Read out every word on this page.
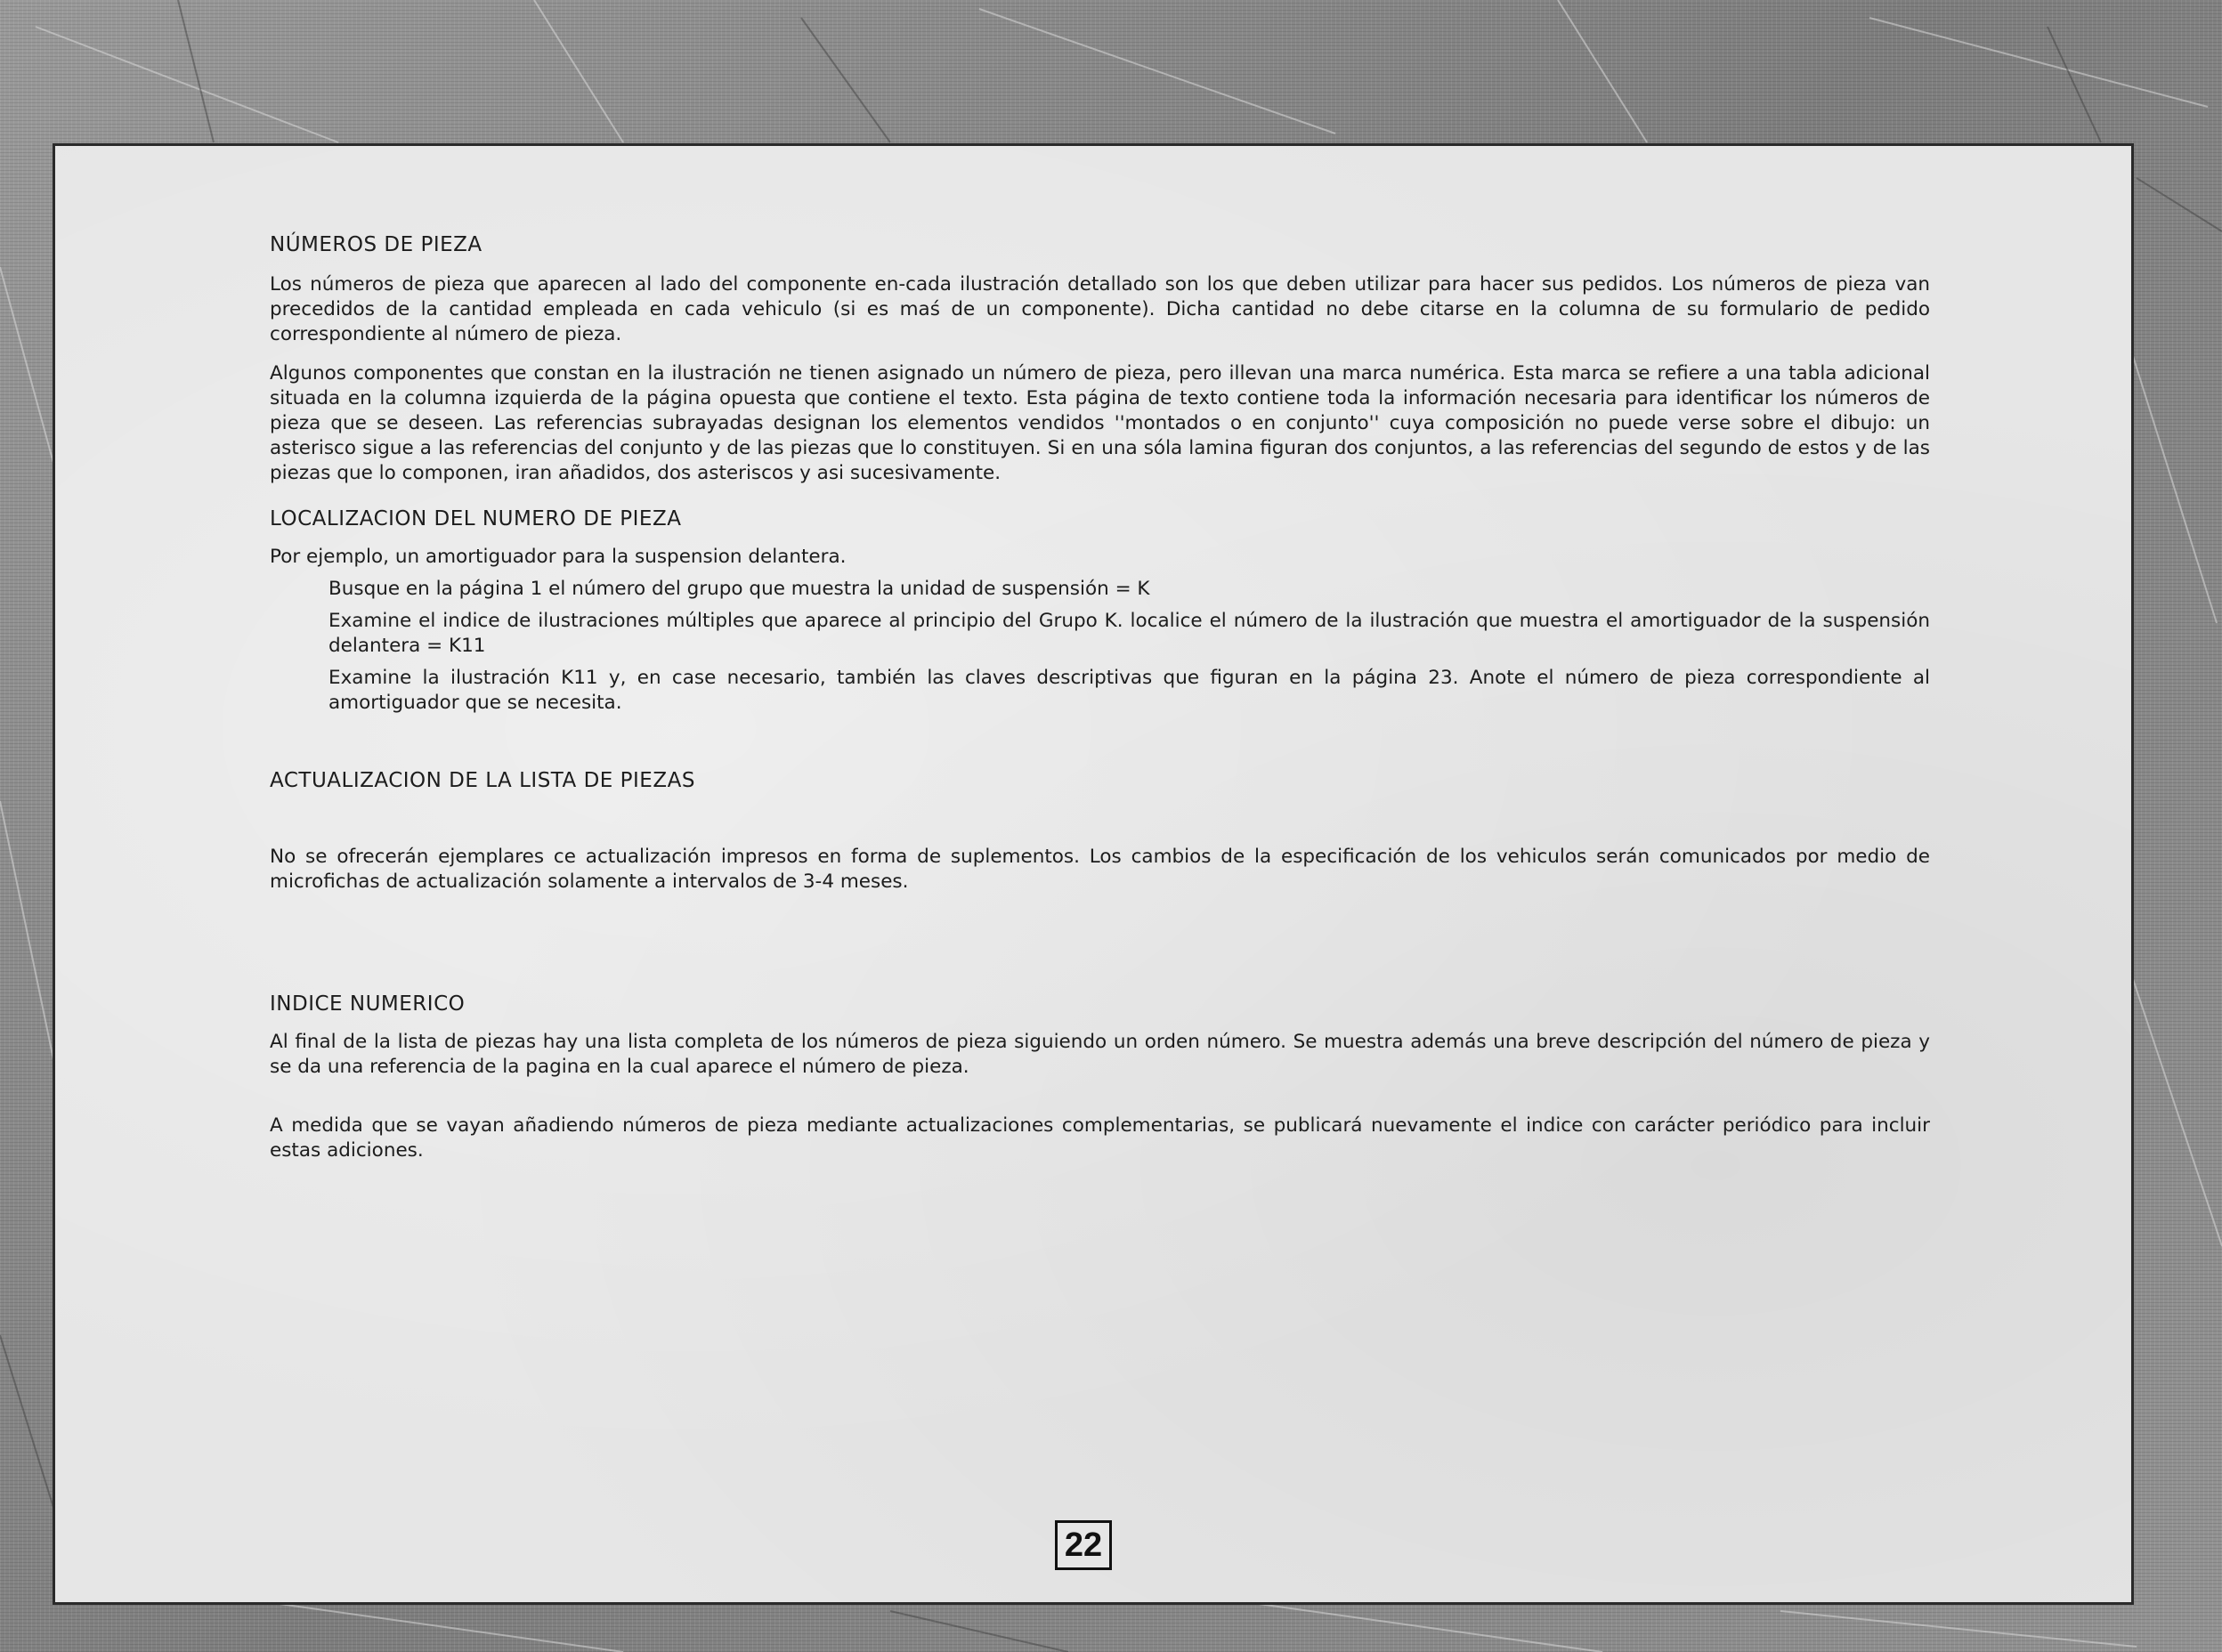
NÚMEROS DE PIEZA

Los números de pieza que aparecen al lado del componente en-cada ilustración detallado son los que deben utilizar para hacer sus pedidos. Los números de pieza van precedidos de la cantidad empleada en cada vehiculo (si es maś de un componente). Dicha cantidad no debe citarse en la columna de su formulario de pedido correspondiente al número de pieza.

Algunos componentes que constan en la ilustración ne tienen asignado un número de pieza, pero illevan una marca numérica. Esta marca se refiere a una tabla adicional situada en la columna izquierda de la página opuesta que contiene el texto. Esta página de texto contiene toda la información necesaria para identificar los números de pieza que se deseen. Las referencias subrayadas designan los elementos vendidos ''montados o en conjunto'' cuya composición no puede verse sobre el dibujo: un asterisco sigue a las referencias del conjunto y de las piezas que lo constituyen. Si en una sóla lamina figuran dos conjuntos, a las referencias del segundo de estos y de las piezas que lo componen, iran añadidos, dos asteriscos y asi sucesivamente.

LOCALIZACION DEL NUMERO DE PIEZA

Por ejemplo, un amortiguador para la suspension delantera.

Busque en la página 1 el número del grupo que muestra la unidad de suspensión = K

Examine el indice de ilustraciones múltiples que aparece al principio del Grupo K. localice el número de la ilustración que muestra el amortiguador de la suspensión delantera = K11

Examine la ilustración K11 y, en case necesario, también las claves descriptivas que figuran en la página 23. Anote el número de pieza correspondiente al amortiguador que se necesita.

ACTUALIZACION DE LA LISTA DE PIEZAS

No se ofrecerán ejemplares ce actualización impresos en forma de suplementos. Los cambios de la especificación de los vehiculos serán comunicados por medio de microfichas de actualización solamente a intervalos de 3-4 meses.

INDICE NUMERICO

Al final de la lista de piezas hay una lista completa de los números de pieza siguiendo un orden número. Se muestra además una breve descripción del número de pieza y se da una referencia de la pagina en la cual aparece el número de pieza.

A medida que se vayan añadiendo números de pieza mediante actualizaciones complementarias, se publicará nuevamente el indice con carácter periódico para incluir estas adiciones.

22
